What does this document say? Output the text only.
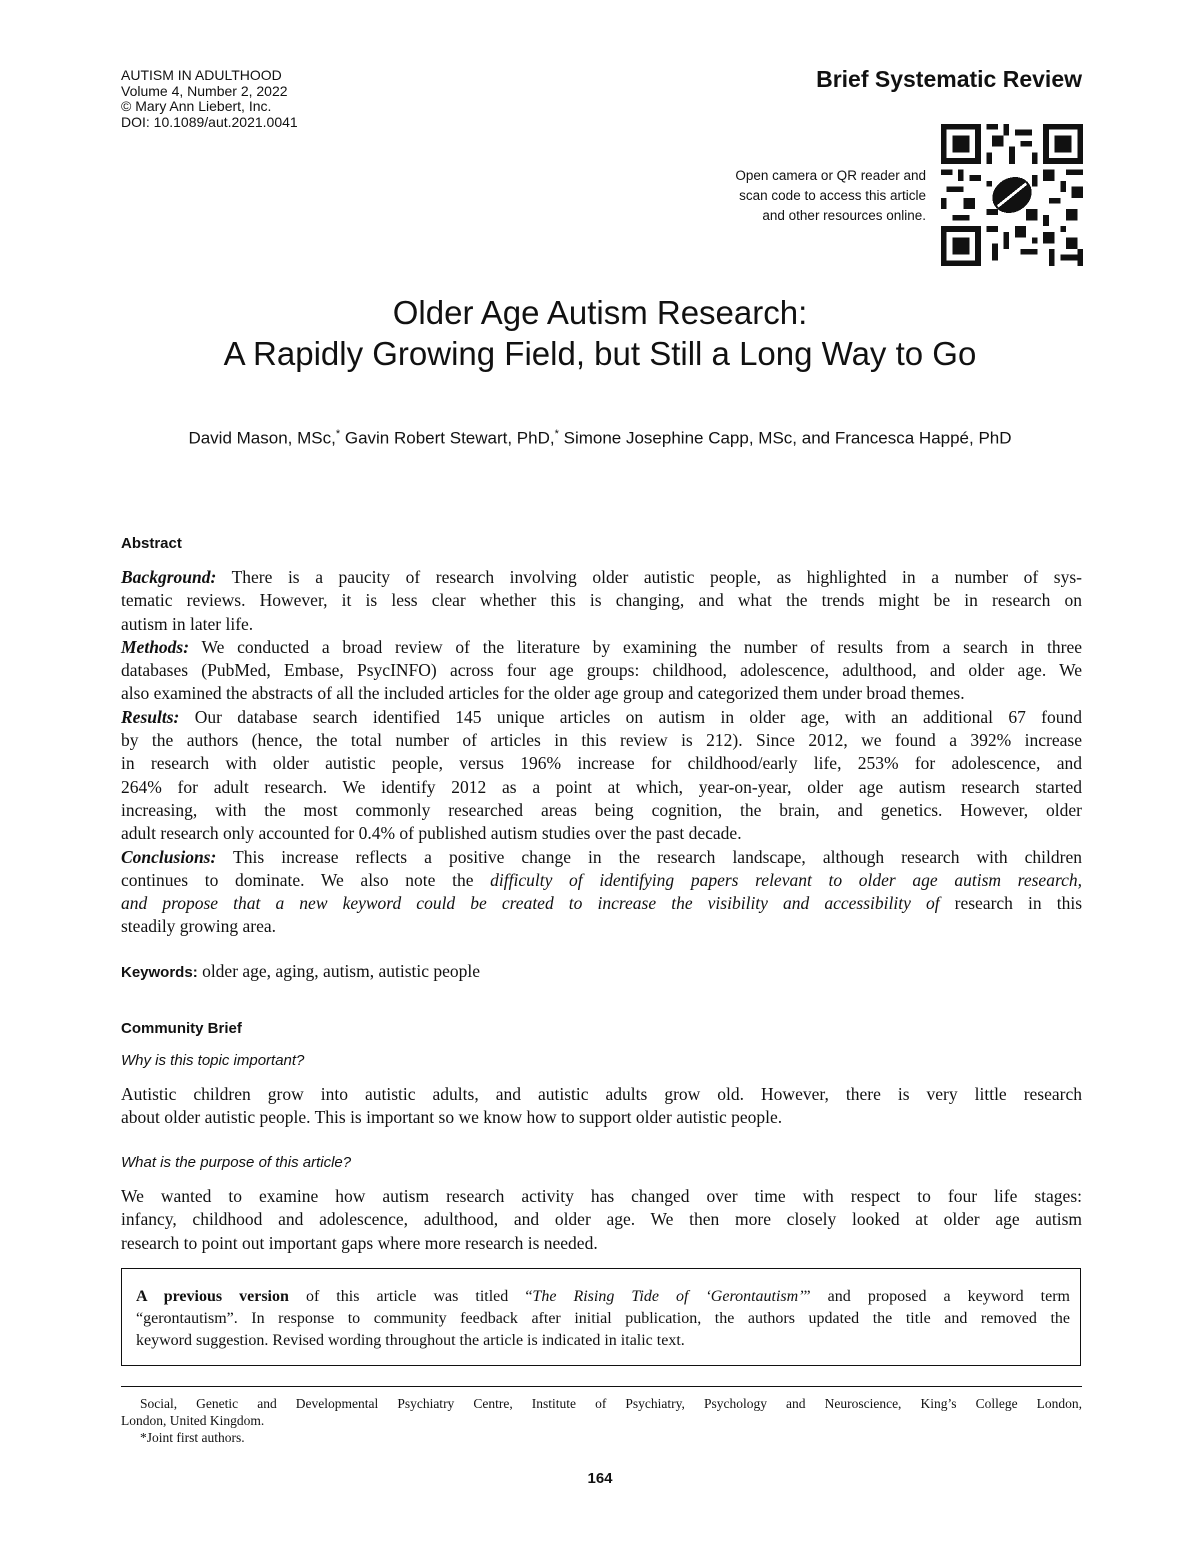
AUTISM IN ADULTHOOD
Volume 4, Number 2, 2022
© Mary Ann Liebert, Inc.
DOI: 10.1089/aut.2021.0041
Brief Systematic Review
Open camera or QR reader and
scan code to access this article
and other resources online.
Older Age Autism Research:
A Rapidly Growing Field, but Still a Long Way to Go
David Mason, MSc,* Gavin Robert Stewart, PhD,* Simone Josephine Capp, MSc, and Francesca Happé, PhD
Abstract
Background: There is a paucity of research involving older autistic people, as highlighted in a number of sys-
tematic reviews. However, it is less clear whether this is changing, and what the trends might be in research on
autism in later life.
Methods: We conducted a broad review of the literature by examining the number of results from a search in three
databases (PubMed, Embase, PsycINFO) across four age groups: childhood, adolescence, adulthood, and older age. We
also examined the abstracts of all the included articles for the older age group and categorized them under broad themes.
Results: Our database search identified 145 unique articles on autism in older age, with an additional 67 found
by the authors (hence, the total number of articles in this review is 212). Since 2012, we found a 392% increase
in research with older autistic people, versus 196% increase for childhood/early life, 253% for adolescence, and
264% for adult research. We identify 2012 as a point at which, year-on-year, older age autism research started
increasing, with the most commonly researched areas being cognition, the brain, and genetics. However, older
adult research only accounted for 0.4% of published autism studies over the past decade.
Conclusions: This increase reflects a positive change in the research landscape, although research with children
continues to dominate. We also note the difficulty of identifying papers relevant to older age autism research,
and propose that a new keyword could be created to increase the visibility and accessibility of research in this
steadily growing area.
Keywords: older age, aging, autism, autistic people
Community Brief
Why is this topic important?
Autistic children grow into autistic adults, and autistic adults grow old. However, there is very little research
about older autistic people. This is important so we know how to support older autistic people.
What is the purpose of this article?
We wanted to examine how autism research activity has changed over time with respect to four life stages:
infancy, childhood and adolescence, adulthood, and older age. We then more closely looked at older age autism
research to point out important gaps where more research is needed.
A previous version of this article was titled “The Rising Tide of ‘Gerontautism’” and proposed a keyword term
“gerontautism”. In response to community feedback after initial publication, the authors updated the title and removed the
keyword suggestion. Revised wording throughout the article is indicated in italic text.
Social, Genetic and Developmental Psychiatry Centre, Institute of Psychiatry, Psychology and Neuroscience, King’s College London,
London, United Kingdom.
*Joint first authors.
164
